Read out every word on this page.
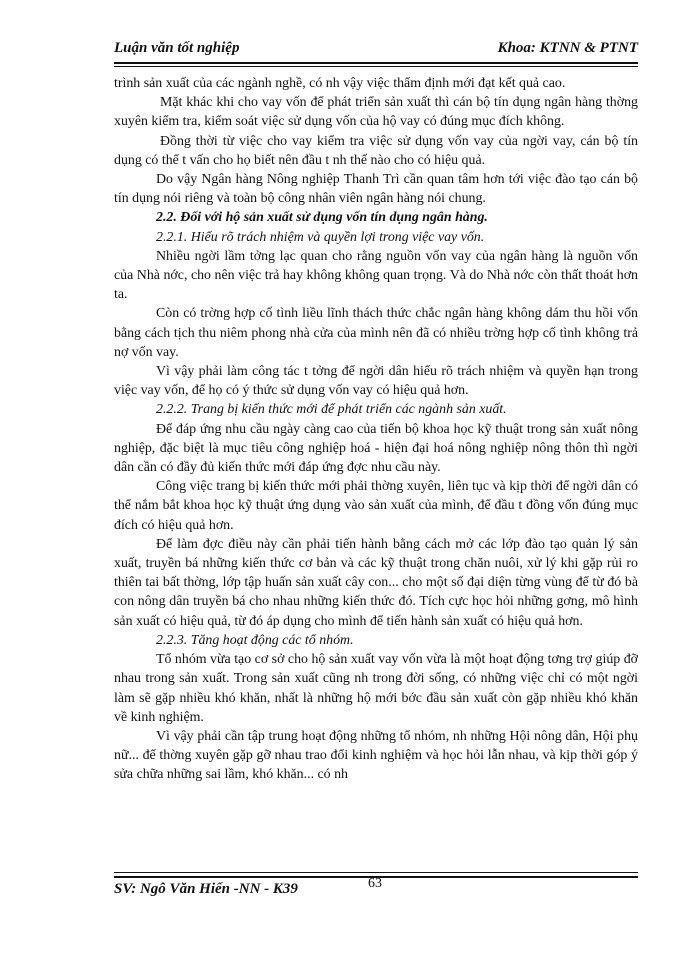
Luận văn tốt nghiệp	Khoa: KTNN & PTNT

trình sản xuất của các ngành nghề, có nh vậy việc thẩm định mới đạt kết quả cao.

Mặt khác khi cho vay vốn để phát triển sản xuất thì cán bộ tín dụng ngân hàng thờng xuyên kiểm tra, kiểm soát việc sử dụng vốn của hộ vay có đúng mục đích không.

Đồng thời từ việc cho vay kiểm tra việc sử dụng vốn vay của ngời vay, cán bộ tín dụng có thể t vấn cho họ biết nên đầu t nh thế nào cho có hiệu quả.

Do vậy Ngân hàng Nông nghiệp Thanh Trì cần quan tâm hơn tới việc đào tạo cán bộ tín dụng nói riêng và toàn bộ công nhân viên ngân hàng nói chung.

2.2. Đối với hộ sản xuất sử dụng vốn tín dụng ngân hàng.

2.2.1. Hiểu rõ trách nhiệm và quyền lợi trong việc vay vốn.

Nhiều ngời lầm tởng lạc quan cho rằng nguồn vốn vay của ngân hàng là nguồn vốn của Nhà nớc, cho nên việc trả hay không không quan trọng. Và do Nhà nớc còn thất thoát hơn ta.

Còn có trờng hợp cố tình liều lĩnh thách thức chắc ngân hàng không dám thu hồi vốn bằng cách tịch thu niêm phong nhà cửa của mình nên đã có nhiều trờng hợp cố tình không trả nợ vốn vay.

Vì vậy phải làm công tác t tởng để ngời dân hiểu rõ trách nhiệm và quyền hạn trong việc vay vốn, để họ có ý thức sử dụng vốn vay có hiệu quả hơn.

2.2.2. Trang bị kiến thức mới để phát triển các ngành sản xuất.

Để đáp ứng nhu cầu ngày càng cao của tiến bộ khoa học kỹ thuật trong sản xuất nông nghiệp, đặc biệt là mục tiêu công nghiệp hoá - hiện đại hoá nông nghiệp nông thôn thì ngời dân cần có đầy đủ kiến thức mới đáp ứng đợc nhu cầu này.

Công việc trang bị kiến thức mới phải thờng xuyên, liên tục và kịp thời để ngời dân có thể nắm bắt khoa học kỹ thuật ứng dụng vào sản xuất của mình, để đầu t đồng vốn đúng mục đích có hiệu quả hơn.

Để làm đợc điều này cần phải tiến hành bằng cách mở các lớp đào tạo quản lý sản xuất, truyền bá những kiến thức cơ bản và các kỹ thuật trong chăn nuôi, xử lý khi gặp rủi ro thiên tai bất thờng, lớp tập huấn sản xuất cây con... cho một số đại diện từng vùng để từ đó bà con nông dân truyền bá cho nhau những kiến thức đó. Tích cực học hỏi những gơng, mô hình sản xuất có hiệu quả, từ đó áp dụng cho mình để tiến hành sản xuất có hiệu quả hơn.

2.2.3. Tăng hoạt động các tổ nhóm.

Tổ nhóm vừa tạo cơ sở cho hộ sản xuất vay vốn vừa là một hoạt động tơng trợ giúp đỡ nhau trong sản xuất. Trong sản xuất cũng nh trong đời sống, có những việc chỉ có một ngời làm sẽ gặp nhiều khó khăn, nhất là những hộ mới bớc đầu sản xuất còn gặp nhiều khó khăn về kinh nghiệm.

Vì vậy phải cần tập trung hoạt động những tổ nhóm, nh những Hội nông dân, Hội phụ nữ... để thờng xuyên gặp gỡ nhau trao đổi kinh nghiệm và học hỏi lẫn nhau, và kịp thời góp ý sửa chữa những sai lầm, khó khăn... có nh

SV: Ngô Văn Hiển -NN - K39	63
